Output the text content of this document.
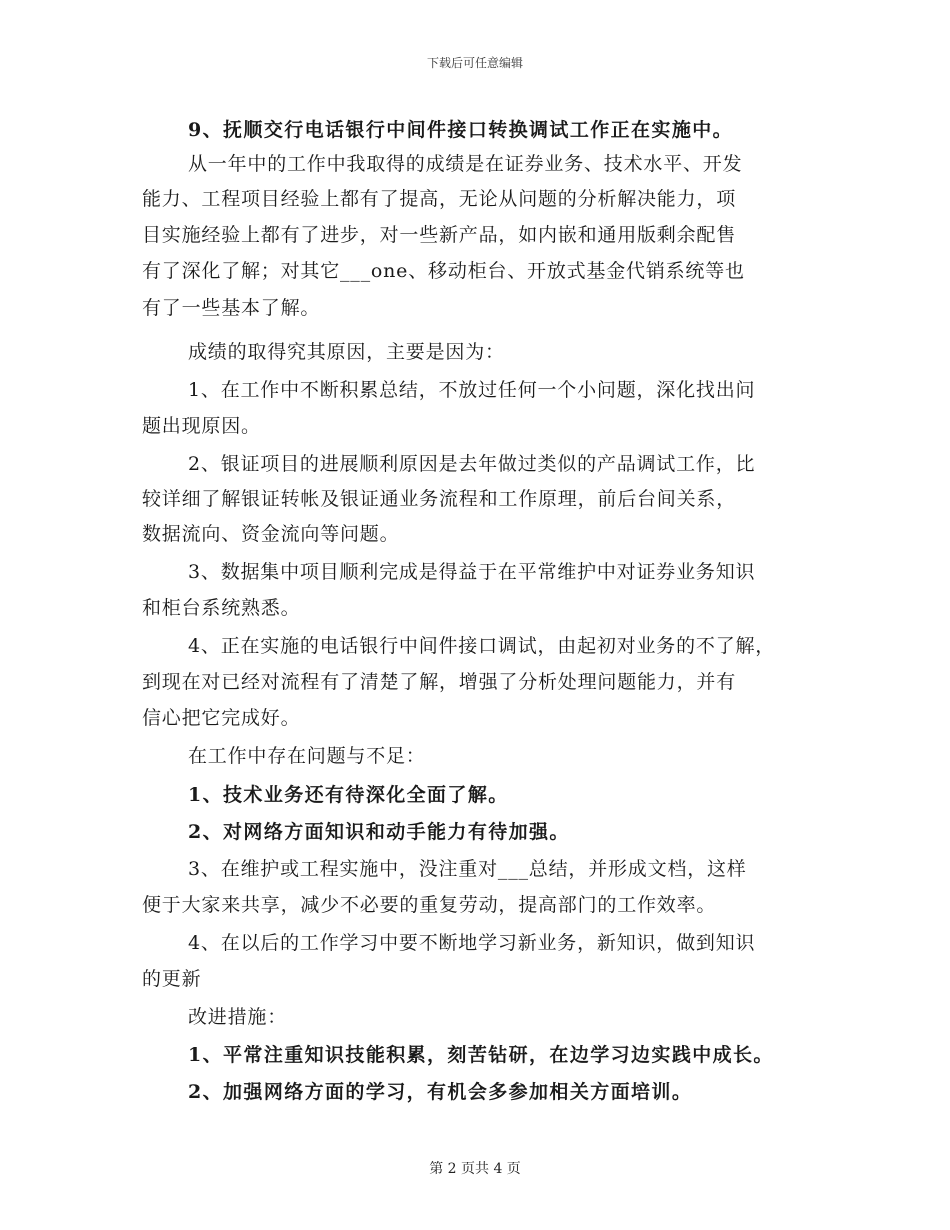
下载后可任意编辑
9、抚顺交行电话银行中间件接口转换调试工作正在实施中。
从一年中的工作中我取得的成绩是在证券业务、技术水平、开发
能力、工程项目经验上都有了提高，无论从问题的分析解决能力，项
目实施经验上都有了进步，对一些新产品，如内嵌和通用版剩余配售
有了深化了解；对其它___one、移动柜台、开放式基金代销系统等也
有了一些基本了解。
成绩的取得究其原因，主要是因为：
1、在工作中不断积累总结，不放过任何一个小问题，深化找出问
题出现原因。
2、银证项目的进展顺利原因是去年做过类似的产品调试工作，比
较详细了解银证转帐及银证通业务流程和工作原理，前后台间关系，
数据流向、资金流向等问题。
3、数据集中项目顺利完成是得益于在平常维护中对证券业务知识
和柜台系统熟悉。
4、正在实施的电话银行中间件接口调试，由起初对业务的不了解，
到现在对已经对流程有了清楚了解，增强了分析处理问题能力，并有
信心把它完成好。
在工作中存在问题与不足：
1、技术业务还有待深化全面了解。
2、对网络方面知识和动手能力有待加强。
3、在维护或工程实施中，没注重对___总结，并形成文档，这样
便于大家来共享，减少不必要的重复劳动，提高部门的工作效率。
4、在以后的工作学习中要不断地学习新业务，新知识，做到知识
的更新
改进措施：
1、平常注重知识技能积累，刻苦钻研，在边学习边实践中成长。
2、加强网络方面的学习，有机会多参加相关方面培训。
第 2 页共 4 页
